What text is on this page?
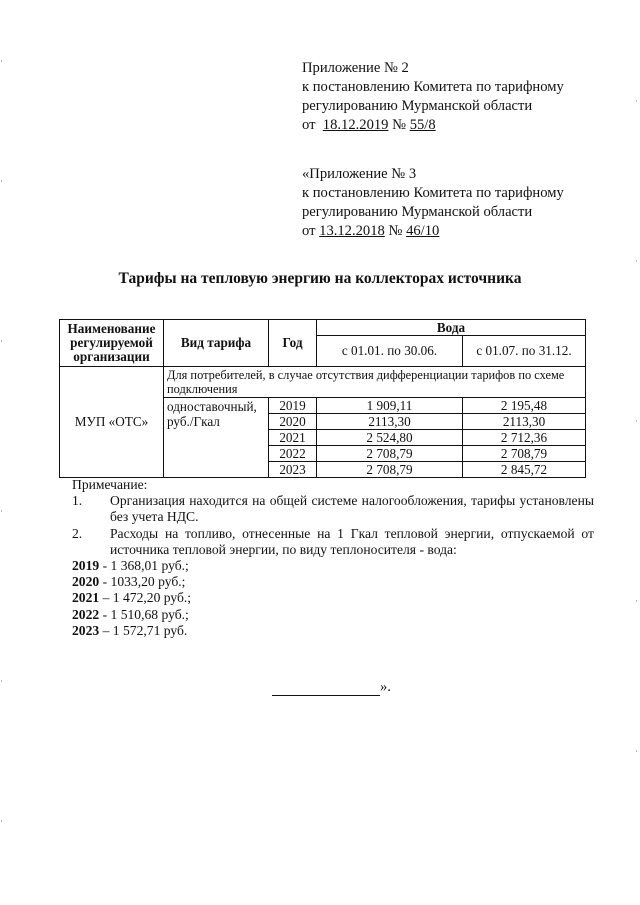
Приложение № 2
к постановлению Комитета по тарифному
регулированию Мурманской области
от 18.12.2019 № 55/8
«Приложение № 3
к постановлению Комитета по тарифному
регулированию Мурманской области
от 13.12.2018 № 46/10
Тарифы на тепловую энергию на коллекторах источника
Наименование регулируемой организации	Вид тарифа	Год	Вода	
			с 01.01. по 30.06.	с 01.07. по 31.12.
МУП «ОТС»	Для потребителей, в случае отсутствия дифференциации тарифов по схеме подключения			
	одноставочный, руб./Гкал	2019	1 909,11	2 195,48
		2020	2113,30	2113,30
		2021	2 524,80	2 712,36
		2022	2 708,79	2 708,79
		2023	2 708,79	2 845,72
Примечание:
1.	Организация находится на общей системе налогообложения, тарифы установлены без учета НДС.
2.	Расходы на топливо, отнесенные на 1 Гкал тепловой энергии, отпускаемой от источника тепловой энергии, по виду теплоносителя - вода:
2019 - 1 368,01 руб.;
2020 - 1033,20 руб.;
2021 – 1 472,20 руб.;
2022 - 1 510,68 руб.;
2023 – 1 572,71 руб.
».
